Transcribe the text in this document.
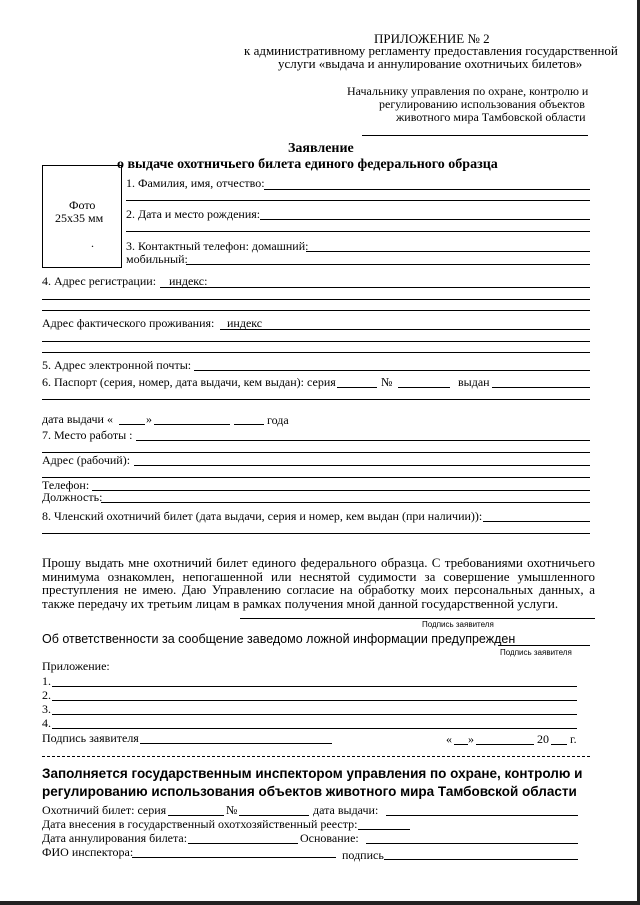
ПРИЛОЖЕНИЕ № 2
к административному регламенту предоставления государственной
услуги «выдача и аннулирование охотничьих билетов»
Начальнику управления по охране, контролю и
регулированию использования объектов
животного мира Тамбовской области
Заявление
о выдаче охотничьего билета единого федерального образца
Фото
25х35 мм
.
1. Фамилия, имя, отчество:
2. Дата и место рождения:
3. Контактный телефон: домашний:
мобильный:
4. Адрес регистрации: индекс:
Адрес фактического проживания: индекс
5. Адрес электронной почты:
6. Паспорт (серия, номер, дата выдачи, кем выдан): серия	№	выдан
дата выдачи «	»	года
7. Место работы :
Адрес (рабочий):
Телефон:
Должность:
8. Членский охотничий билет (дата выдачи, серия и номер, кем выдан (при наличии)):
Прошу выдать мне охотничий билет единого федерального образца. С требованиями охотничьего минимума ознакомлен, непогашенной или неснятой судимости за совершение умышленного преступления не имею. Даю Управлению согласие на обработку моих персональных данных, а также передачу их третьим лицам в рамках получения мной данной государственной услуги.
Подпись заявителя
Об ответственности за сообщение заведомо ложной информации предупрежден
Подпись заявителя
Приложение:
1.
2.
3.
4.
Подпись заявителя	« »	20 г.
Заполняется государственным инспектором управления по охране, контролю и
регулированию использования объектов животного мира Тамбовской области
Охотничий билет: серия	№	дата выдачи:
Дата внесения в государственный охотхозяйственный реестр:
Дата аннулирования билета:	Основание:
ФИО инспектора:	подпись
